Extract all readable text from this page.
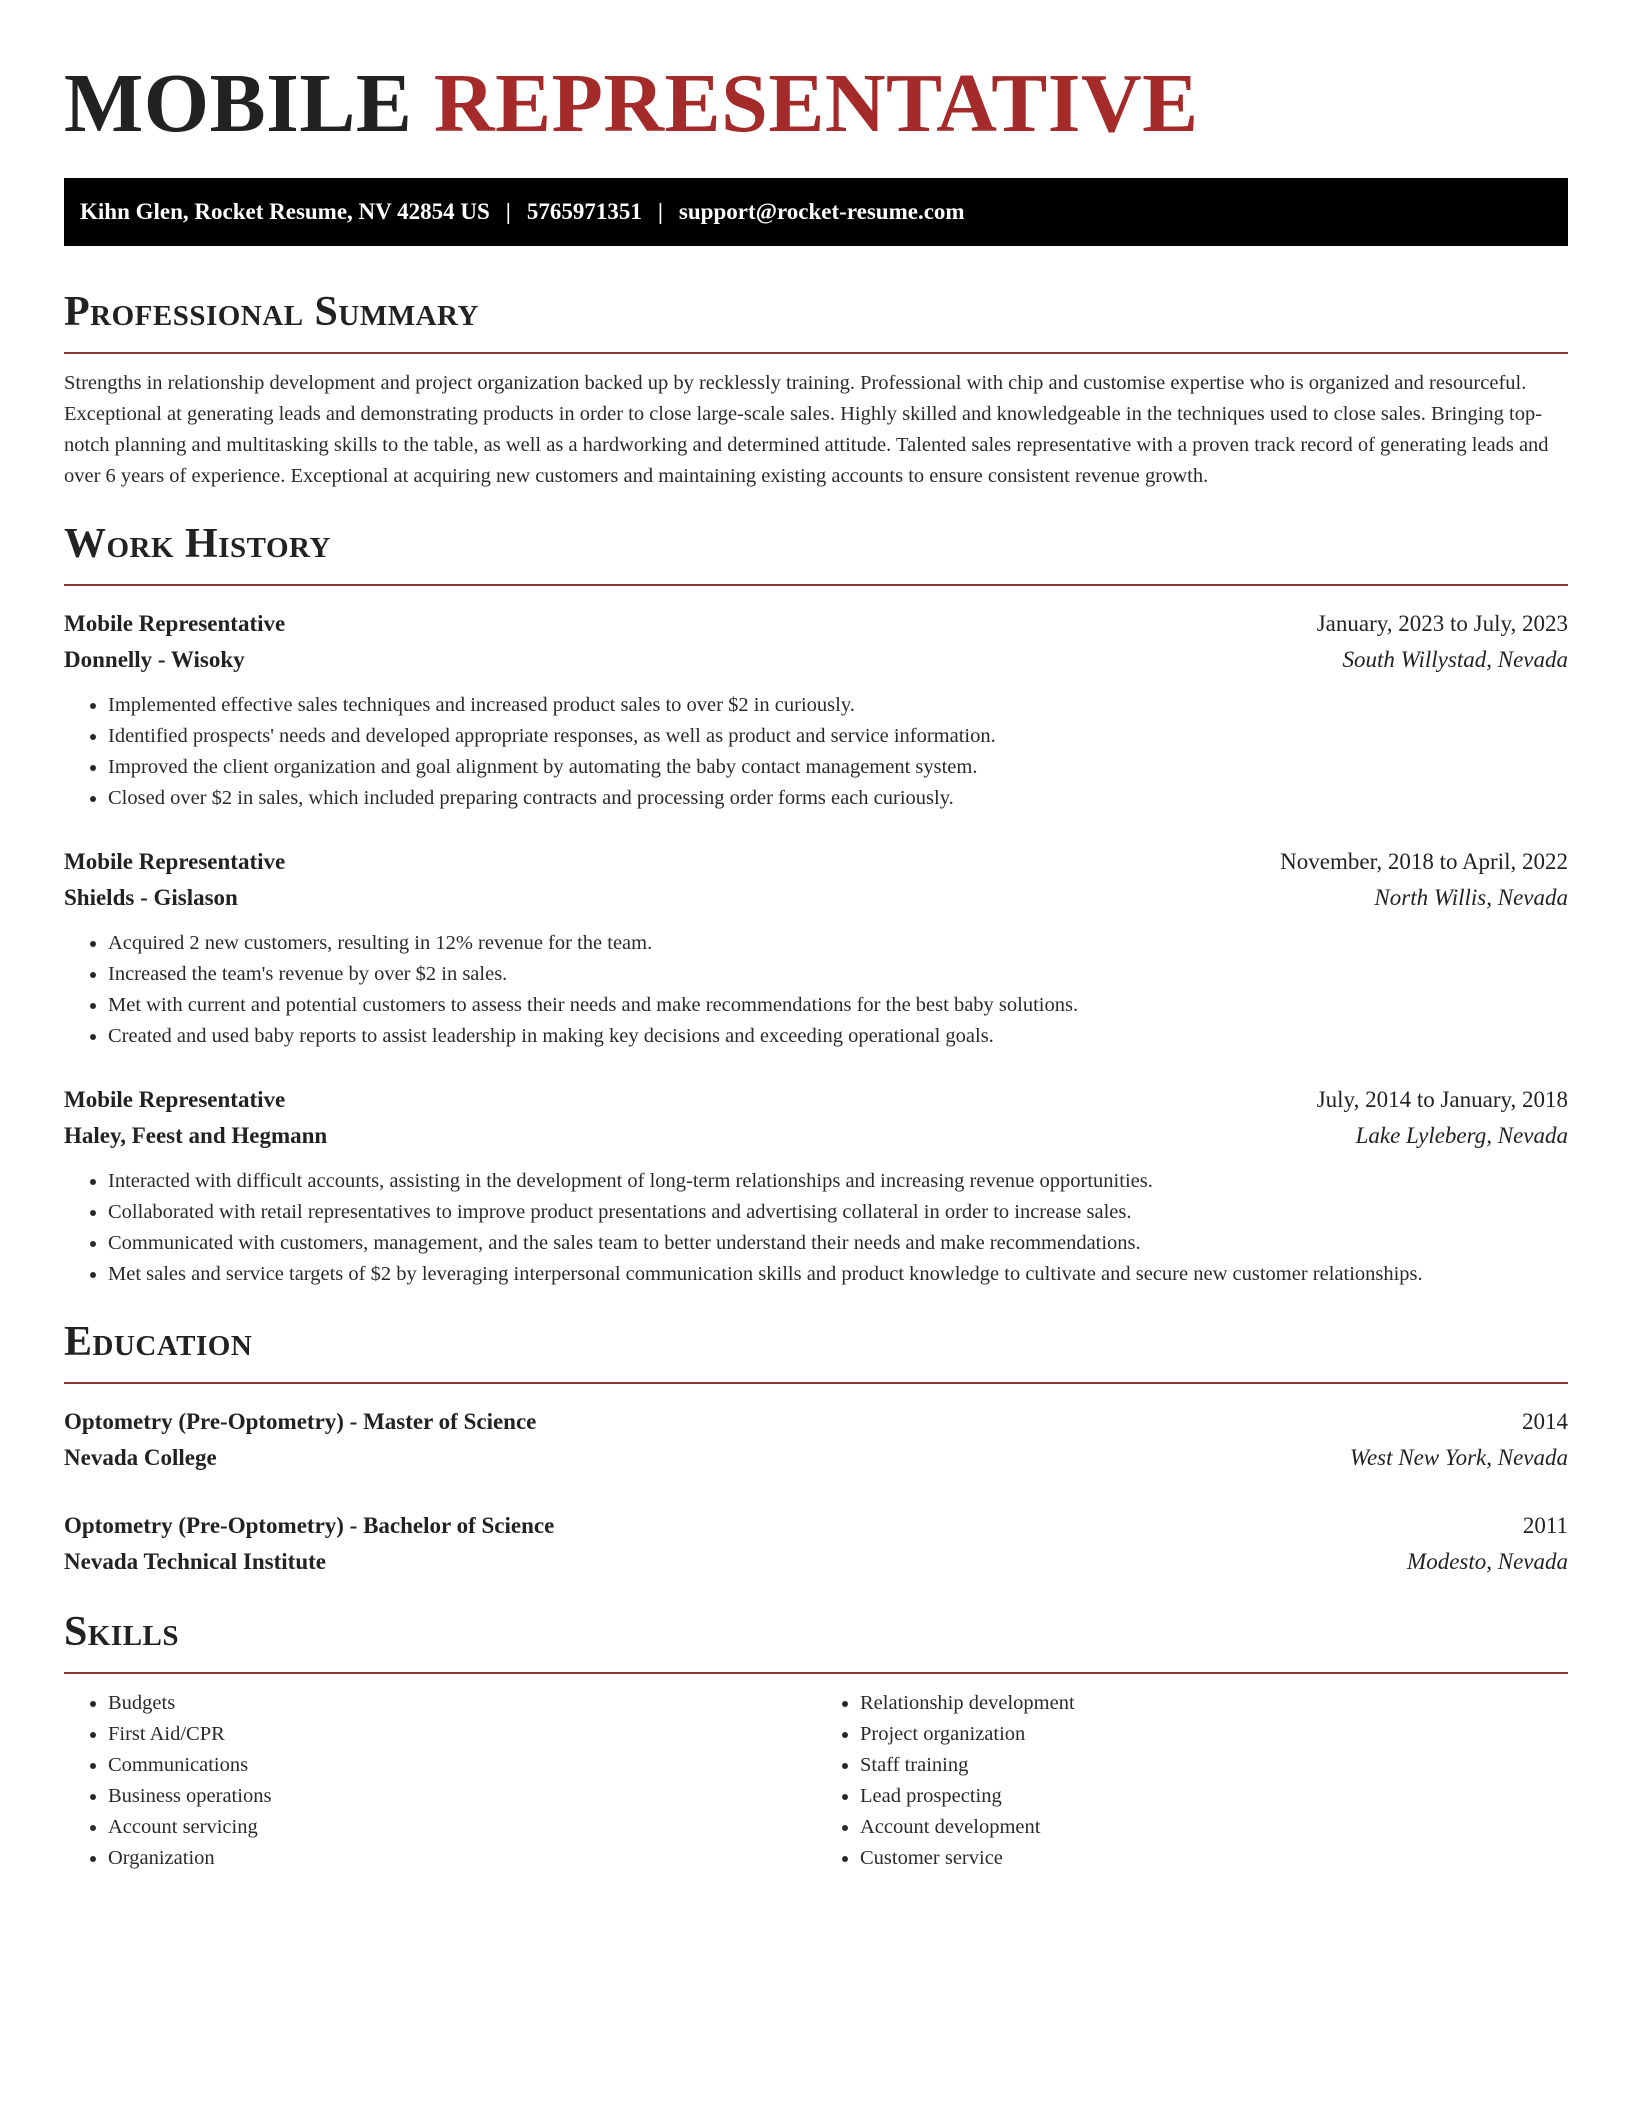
MOBILE REPRESENTATIVE
Kihn Glen, Rocket Resume, NV 42854 US | 5765971351 | support@rocket-resume.com
Professional Summary

Strengths in relationship development and project organization backed up by recklessly training. Professional with chip and customise expertise who is organized and resourceful. Exceptional at generating leads and demonstrating products in order to close large-scale sales. Highly skilled and knowledgeable in the techniques used to close sales. Bringing top-notch planning and multitasking skills to the table, as well as a hardworking and determined attitude. Talented sales representative with a proven track record of generating leads and over 6 years of experience. Exceptional at acquiring new customers and maintaining existing accounts to ensure consistent revenue growth.

Work History
Mobile Representative	January, 2023 to July, 2023
Donnelly - Wisoky	South Willystad, Nevada
• Implemented effective sales techniques and increased product sales to over $2 in curiously.
• Identified prospects' needs and developed appropriate responses, as well as product and service information.
• Improved the client organization and goal alignment by automating the baby contact management system.
• Closed over $2 in sales, which included preparing contracts and processing order forms each curiously.
Mobile Representative	November, 2018 to April, 2022
Shields - Gislason	North Willis, Nevada
• Acquired 2 new customers, resulting in 12% revenue for the team.
• Increased the team's revenue by over $2 in sales.
• Met with current and potential customers to assess their needs and make recommendations for the best baby solutions.
• Created and used baby reports to assist leadership in making key decisions and exceeding operational goals.
Mobile Representative	July, 2014 to January, 2018
Haley, Feest and Hegmann	Lake Lyleberg, Nevada
• Interacted with difficult accounts, assisting in the development of long-term relationships and increasing revenue opportunities.
• Collaborated with retail representatives to improve product presentations and advertising collateral in order to increase sales.
• Communicated with customers, management, and the sales team to better understand their needs and make recommendations.
• Met sales and service targets of $2 by leveraging interpersonal communication skills and product knowledge to cultivate and secure new customer relationships.
Education
Optometry (Pre-Optometry) - Master of Science	2014
Nevada College	West New York, Nevada
Optometry (Pre-Optometry) - Bachelor of Science	2011
Nevada Technical Institute	Modesto, Nevada
Skills
• Budgets
• First Aid/CPR
• Communications
• Business operations
• Account servicing
• Organization
• Relationship development
• Project organization
• Staff training
• Lead prospecting
• Account development
• Customer service
